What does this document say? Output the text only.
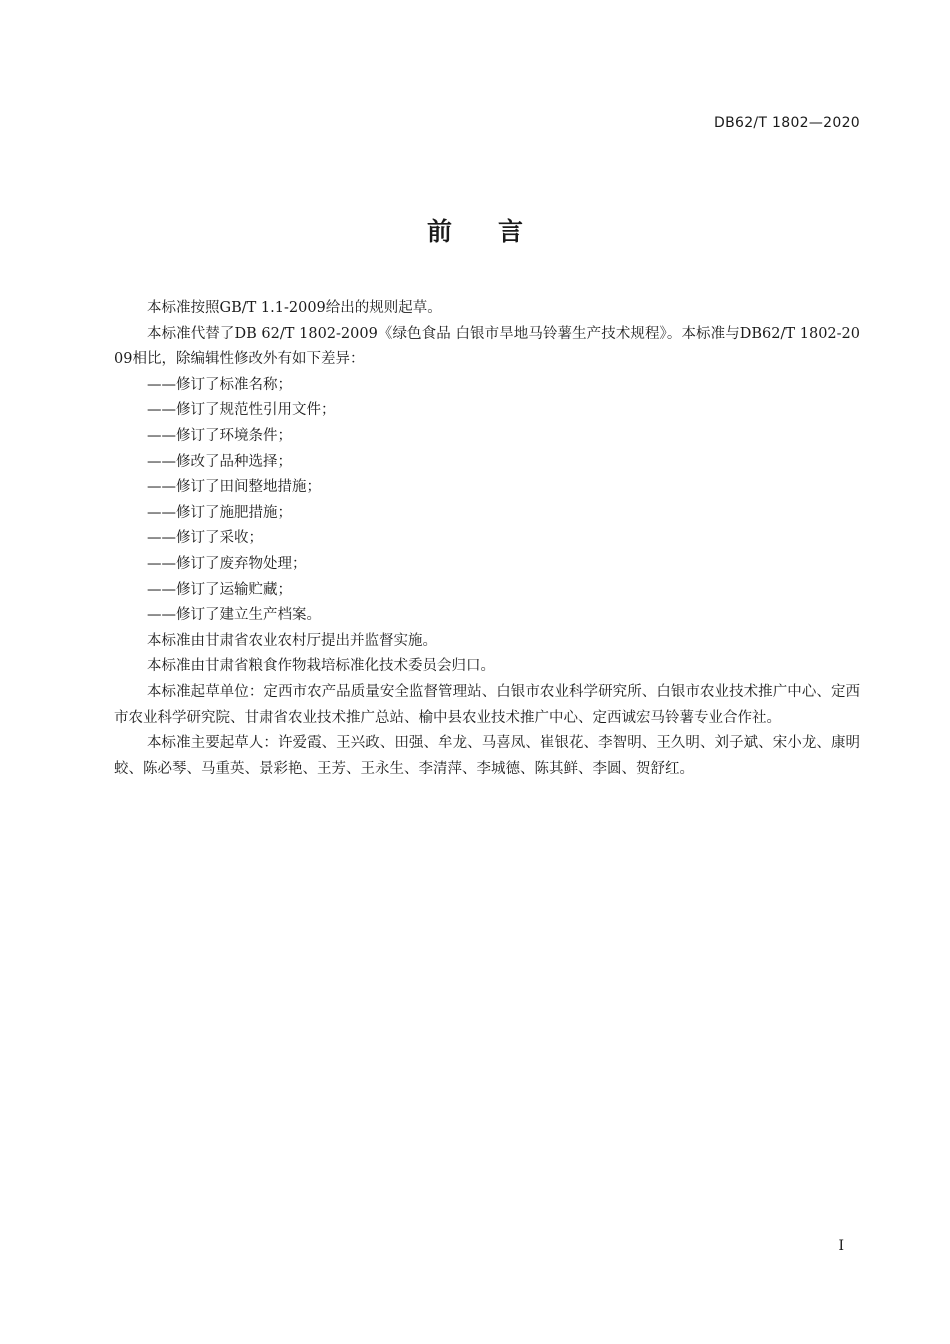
DB62/T 1802—2020
前言

本标准按照GB/T 1.1-2009给出的规则起草。

本标准代替了DB 62/T 1802-2009《绿色食品 白银市旱地马铃薯生产技术规程》。本标准与DB62/T 1802-2009相比，除编辑性修改外有如下差异：

——修订了标准名称；

——修订了规范性引用文件；

——修订了环境条件；

——修改了品种选择；

——修订了田间整地措施；

——修订了施肥措施；

——修订了采收；

——修订了废弃物处理；

——修订了运输贮藏；

——修订了建立生产档案。

本标准由甘肃省农业农村厅提出并监督实施。

本标准由甘肃省粮食作物栽培标准化技术委员会归口。

本标准起草单位：定西市农产品质量安全监督管理站、白银市农业科学研究所、白银市农业技术推广中心、定西市农业科学研究院、甘肃省农业技术推广总站、榆中县农业技术推广中心、定西诚宏马铃薯专业合作社。

本标准主要起草人：许爱霞、王兴政、田强、牟龙、马喜凤、崔银花、李智明、王久明、刘子斌、宋小龙、康明蛟、陈必琴、马重英、景彩艳、王芳、王永生、李清萍、李城德、陈其鲜、李圆、贺舒红。

I
